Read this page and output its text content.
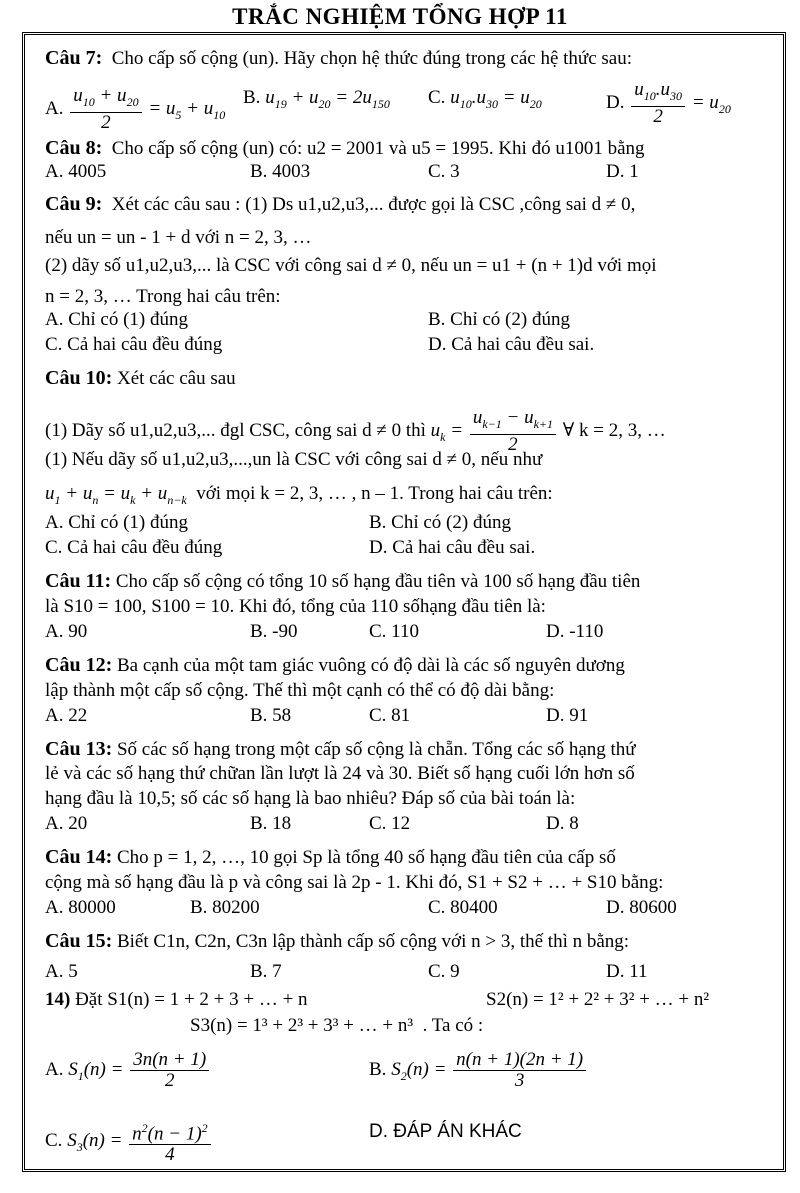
TRẮC NGHIỆM TỔNG HỢP 11
Câu 7: Cho cấp số cộng (un). Hãy chọn hệ thức đúng trong các hệ thức sau:
A. $\frac{u_{10} + u_{20}}{2} = u_5 + u_{10}$
B. $u_{19} + u_{20} = 2u_{150}$ C. $u_{10}.u_{30} = u_{20}$	D. $\frac{u_{10}.u_{30}}{2} = u_{20}$
Câu 8: Cho cấp số cộng (un) có: u2 = 2001 và u5 = 1995. Khi đó u1001 bằng
A. 4005	B. 4003	C. 3	D. 1
Câu 9: Xét các câu sau : (1) Ds u1,u2,u3,... được gọi là CSC ,công sai d ≠ 0,
nếu un = un - 1 + d với n = 2, 3, …
(2) dãy số u1,u2,u3,... là CSC với công sai d ≠ 0, nếu un = u1 + (n + 1)d với mọi
n = 2, 3, … Trong hai câu trên:
A. Chỉ có (1) đúng	B. Chỉ có (2) đúng
C. Cả hai câu đều đúng	D. Cả hai câu đều sai.
Câu 10: Xét các câu sau
(1) Dãy số u1,u2,u3,... đgl CSC, công sai d ≠ 0 thì $u_k = \frac{u_{k-1} - u_{k+1}}{2}$ ∀ k = 2, 3, …
(1) Nếu dãy số u1,u2,u3,...,un là CSC với công sai d ≠ 0, nếu như
$u_1 + u_n = u_k + u_{n-k}$ với mọi k = 2, 3, … , n – 1. Trong hai câu trên:
A. Chỉ có (1) đúng	B. Chỉ có (2) đúng
C. Cả hai câu đều đúng	D. Cả hai câu đều sai.
Câu 11: Cho cấp số cộng có tổng 10 số hạng đầu tiên và 100 số hạng đầu tiên
là S10 = 100, S100 = 10. Khi đó, tổng của 110 sốhạng đầu tiên là:
A. 90	B. -90	C. 110	D. -110
Câu 12: Ba cạnh của một tam giác vuông có độ dài là các số nguyên dương
lập thành một cấp số cộng. Thế thì một cạnh có thể có độ dài bằng:
A. 22	B. 58	C. 81	D. 91
Câu 13: Số các số hạng trong một cấp số cộng là chẵn. Tổng các số hạng thứ
lẻ và các số hạng thứ chữan lần lượt là 24 và 30. Biết số hạng cuối lớn hơn số
hạng đầu là 10,5; số các số hạng là bao nhiêu? Đáp số của bài toán là:
A. 20	B. 18	C. 12	D. 8
Câu 14: Cho p = 1, 2, …, 10 gọi Sp là tổng 40 số hạng đầu tiên của cấp số
cộng mà số hạng đầu là p và công sai là 2p - 1. Khi đó, S1 + S2 + … + S10 bằng:
A. 80000	B. 80200	C. 80400	D. 80600
Câu 15: Biết C1n, C2n, C3n lập thành cấp số cộng với n > 3, thế thì n bằng:
A. 5	B. 7	C. 9	D. 11
14) Đặt S1(n) = 1 + 2 + 3 + … + n	S2(n) = 1² + 2² + 3² + … + n²
S3(n) = 1³ + 2³ + 3³ + … + n³ . Ta có :
A. $S_1(n) = \frac{3n(n + 1)}{2}$	B. $S_2(n) = \frac{n(n + 1)(2n + 1)}{3}$
C. $S_3(n) = \frac{n^2(n - 1)^2}{4}$	D. ĐÁP ÁN KHÁC
